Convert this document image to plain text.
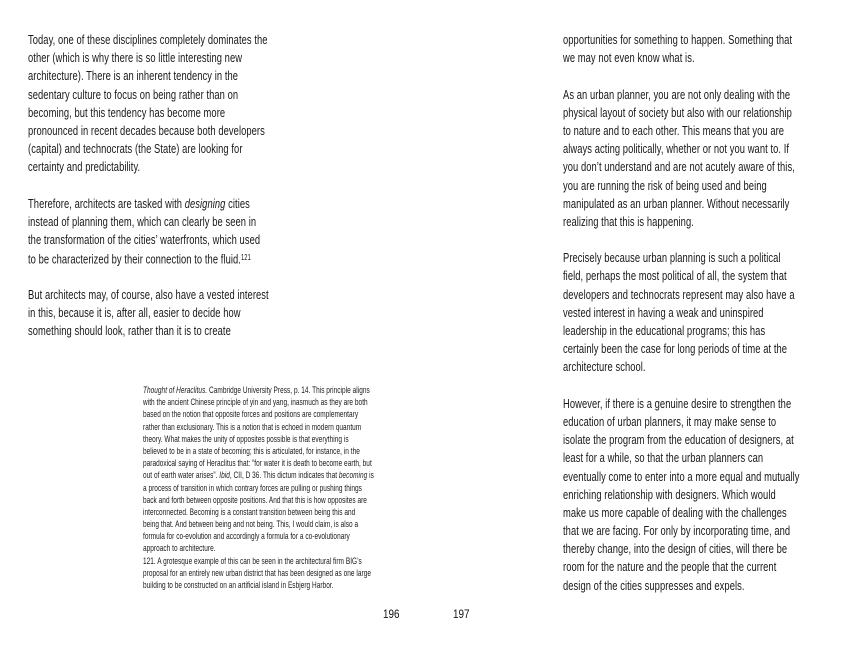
Today, one of these disciplines completely dominates the
other (which is why there is so little interesting new
architecture). There is an inherent tendency in the
sedentary culture to focus on being rather than on
becoming, but this tendency has become more
pronounced in recent decades because both developers
(capital) and technocrats (the State) are looking for
certainty and predictability.
Therefore, architects are tasked with designing cities
instead of planning them, which can clearly be seen in
the transformation of the cities’ waterfronts, which used
to be characterized by their connection to the fluid.$^{121}$
But architects may, of course, also have a vested interest
in this, because it is, after all, easier to decide how
something should look, rather than it is to create
Thought of Heraclitus. Cambridge University Press, p. 14. This principle aligns
with the ancient Chinese principle of yin and yang, inasmuch as they are both
based on the notion that opposite forces and positions are complementary
rather than exclusionary. This is a notion that is echoed in modern quantum
theory. What makes the unity of opposites possible is that everything is
believed to be in a state of becoming; this is articulated, for instance, in the
paradoxical saying of Heraclitus that: “for water it is death to become earth, but
out of earth water arises”. Ibid, CII, D 36. This dictum indicates that becoming is
a process of transition in which contrary forces are pulling or pushing things
back and forth between opposite positions. And that this is how opposites are
interconnected. Becoming is a constant transition between being this and
being that. And between being and not being. This, I would claim, is also a
formula for co-evolution and accordingly a formula for a co-evolutionary
approach to architecture.
121. A grotesque example of this can be seen in the architectural firm BIG’s
proposal for an entirely new urban district that has been designed as one large
building to be constructed on an artificial island in Esbjerg Harbor.
196
opportunities for something to happen. Something that
we may not even know what is.
As an urban planner, you are not only dealing with the
physical layout of society but also with our relationship
to nature and to each other. This means that you are
always acting politically, whether or not you want to. If
you don’t understand and are not acutely aware of this,
you are running the risk of being used and being
manipulated as an urban planner. Without necessarily
realizing that this is happening.
Precisely because urban planning is such a political
field, perhaps the most political of all, the system that
developers and technocrats represent may also have a
vested interest in having a weak and uninspired
leadership in the educational programs; this has
certainly been the case for long periods of time at the
architecture school.
However, if there is a genuine desire to strengthen the
education of urban planners, it may make sense to
isolate the program from the education of designers, at
least for a while, so that the urban planners can
eventually come to enter into a more equal and mutually
enriching relationship with designers. Which would
make us more capable of dealing with the challenges
that we are facing. For only by incorporating time, and
thereby change, into the design of cities, will there be
room for the nature and the people that the current
design of the cities suppresses and expels.
197
